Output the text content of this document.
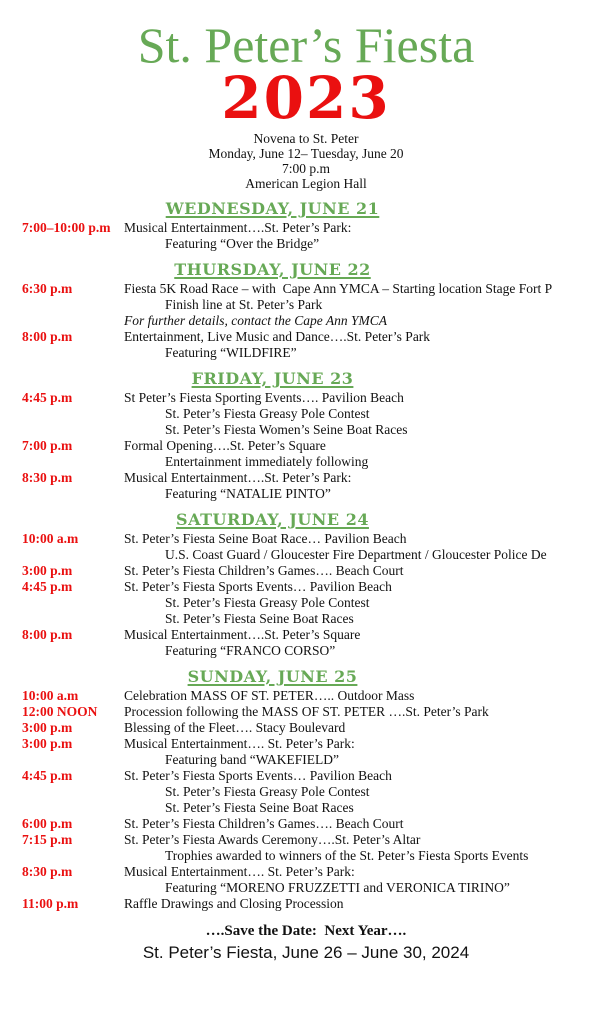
St. Peter’s Fiesta
2023
Novena to St. Peter
Monday, June 12– Tuesday, June 20
7:00 p.m
American Legion Hall
WEDNESDAY, JUNE 21
7:00–10:00 p.m Musical Entertainment….St. Peter’s Park:
Featuring “Over the Bridge”
THURSDAY, JUNE 22
6:30 p.m	Fiesta 5K Road Race – with  Cape Ann YMCA – Starting location Stage Fort P
Finish line at St. Peter’s Park
For further details, contact the Cape Ann YMCA
8:00 p.m	Entertainment, Live Music and Dance….St. Peter’s Park
Featuring “WILDFIRE”
FRIDAY, JUNE 23
4:45 p.m	St Peter’s Fiesta Sporting Events…. Pavilion Beach
St. Peter’s Fiesta Greasy Pole Contest
St. Peter’s Fiesta Women’s Seine Boat Races
7:00 p.m	Formal Opening….St. Peter’s Square
Entertainment immediately following
8:30 p.m	Musical Entertainment….St. Peter’s Park:
Featuring “NATALIE PINTO”
SATURDAY, JUNE 24
10:00 a.m	St. Peter’s Fiesta Seine Boat Race… Pavilion Beach
U.S. Coast Guard / Gloucester Fire Department / Gloucester Police De
3:00 p.m	St. Peter’s Fiesta Children’s Games…. Beach Court
4:45 p.m	St. Peter’s Fiesta Sports Events… Pavilion Beach
St. Peter’s Fiesta Greasy Pole Contest
St. Peter’s Fiesta Seine Boat Races
8:00 p.m	Musical Entertainment….St. Peter’s Square
Featuring “FRANCO CORSO”
SUNDAY, JUNE 25
10:00 a.m	Celebration MASS OF ST. PETER….. Outdoor Mass
12:00 NOON Procession following the MASS OF ST. PETER ….St. Peter’s Park
3:00 p.m	Blessing of the Fleet…. Stacy Boulevard
3:00 p.m	Musical Entertainment…. St. Peter’s Park:
Featuring band “WAKEFIELD”
4:45 p.m	St. Peter’s Fiesta Sports Events… Pavilion Beach
St. Peter’s Fiesta Greasy Pole Contest
St. Peter’s Fiesta Seine Boat Races
6:00 p.m	St. Peter’s Fiesta Children’s Games…. Beach Court
7:15 p.m	St. Peter’s Fiesta Awards Ceremony….St. Peter’s Altar
Trophies awarded to winners of the St. Peter’s Fiesta Sports Events
8:30 p.m	Musical Entertainment…. St. Peter’s Park:
Featuring “MORENO FRUZZETTI and VERONICA TIRINO”
11:00 p.m	Raffle Drawings and Closing Procession
….Save the Date:  Next Year….
St. Peter’s Fiesta, June 26 – June 30, 2024
